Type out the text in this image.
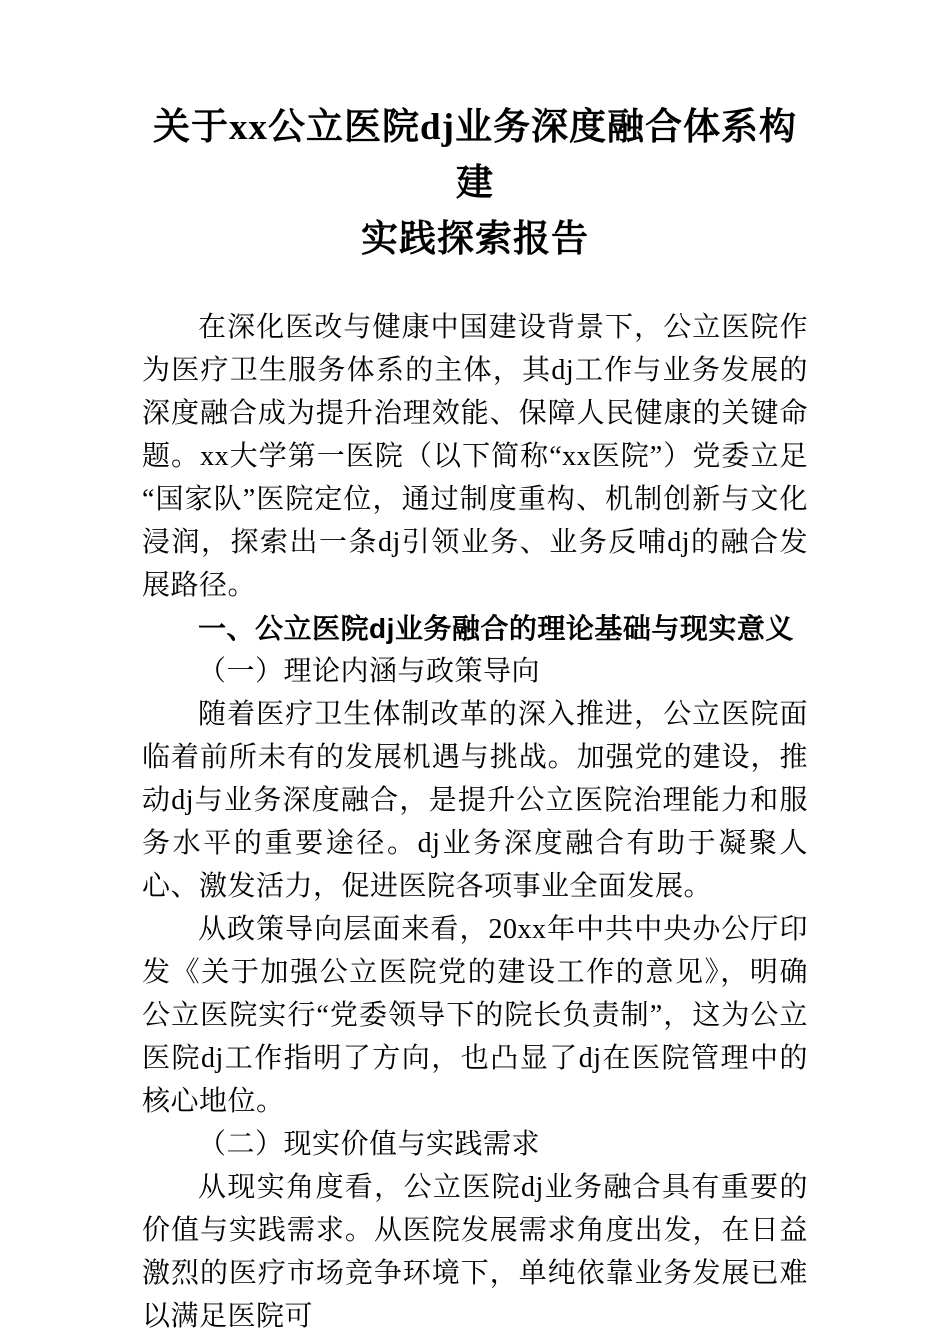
关于xx公立医院dj业务深度融合体系构建
实践探索报告

在深化医改与健康中国建设背景下，公立医院作为医疗卫生服务体系的主体，其dj工作与业务发展的深度融合成为提升治理效能、保障人民健康的关键命题。xx大学第一医院（以下简称“xx医院”）党委立足“国家队”医院定位，通过制度重构、机制创新与文化浸润，探索出一条dj引领业务、业务反哺dj的融合发展路径。

一、公立医院dj业务融合的理论基础与现实意义
（一）理论内涵与政策导向

随着医疗卫生体制改革的深入推进，公立医院面临着前所未有的发展机遇与挑战。加强党的建设，推动dj与业务深度融合，是提升公立医院治理能力和服务水平的重要途径。dj业务深度融合有助于凝聚人心、激发活力，促进医院各项事业全面发展。

从政策导向层面来看，20xx年中共中央办公厅印发《关于加强公立医院党的建设工作的意见》，明确公立医院实行“党委领导下的院长负责制”，这为公立医院dj工作指明了方向，也凸显了dj在医院管理中的核心地位。

（二）现实价值与实践需求

从现实角度看，公立医院dj业务融合具有重要的价值与实践需求。从医院发展需求角度出发，在日益激烈的医疗市场竞争环境下，单纯依靠业务发展已难以满足医院可
